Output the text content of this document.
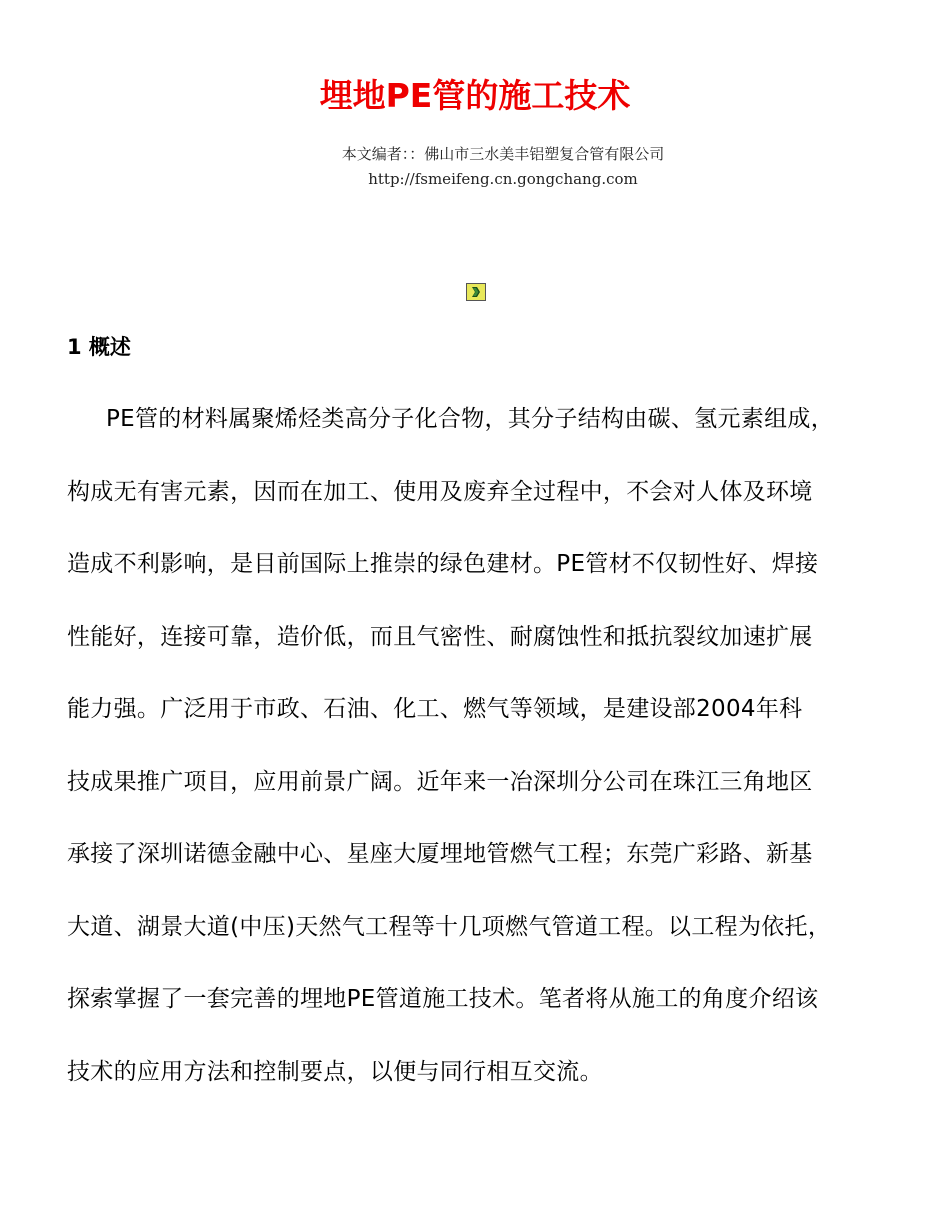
埋地PE管的施工技术

本文编者：：佛山市三水美丰铝塑复合管有限公司

http://fsmeifeng.cn.gongchang.com

1 概述
PE管的材料属聚烯烃类高分子化合物，其分子结构由碳、氢元素组成，
构成无有害元素，因而在加工、使用及废弃全过程中，不会对人体及环境
造成不利影响，是目前国际上推崇的绿色建材。PE管材不仅韧性好、焊接
性能好，连接可靠，造价低，而且气密性、耐腐蚀性和抵抗裂纹加速扩展
能力强。广泛用于市政、石油、化工、燃气等领域，是建设部2004年科
技成果推广项目，应用前景广阔。近年来一冶深圳分公司在珠江三角地区
承接了深圳诺德金融中心、星座大厦埋地管燃气工程；东莞广彩路、新基
大道、湖景大道(中压)天然气工程等十几项燃气管道工程。以工程为依托，
探索掌握了一套完善的埋地PE管道施工技术。笔者将从施工的角度介绍该
技术的应用方法和控制要点，以便与同行相互交流。
